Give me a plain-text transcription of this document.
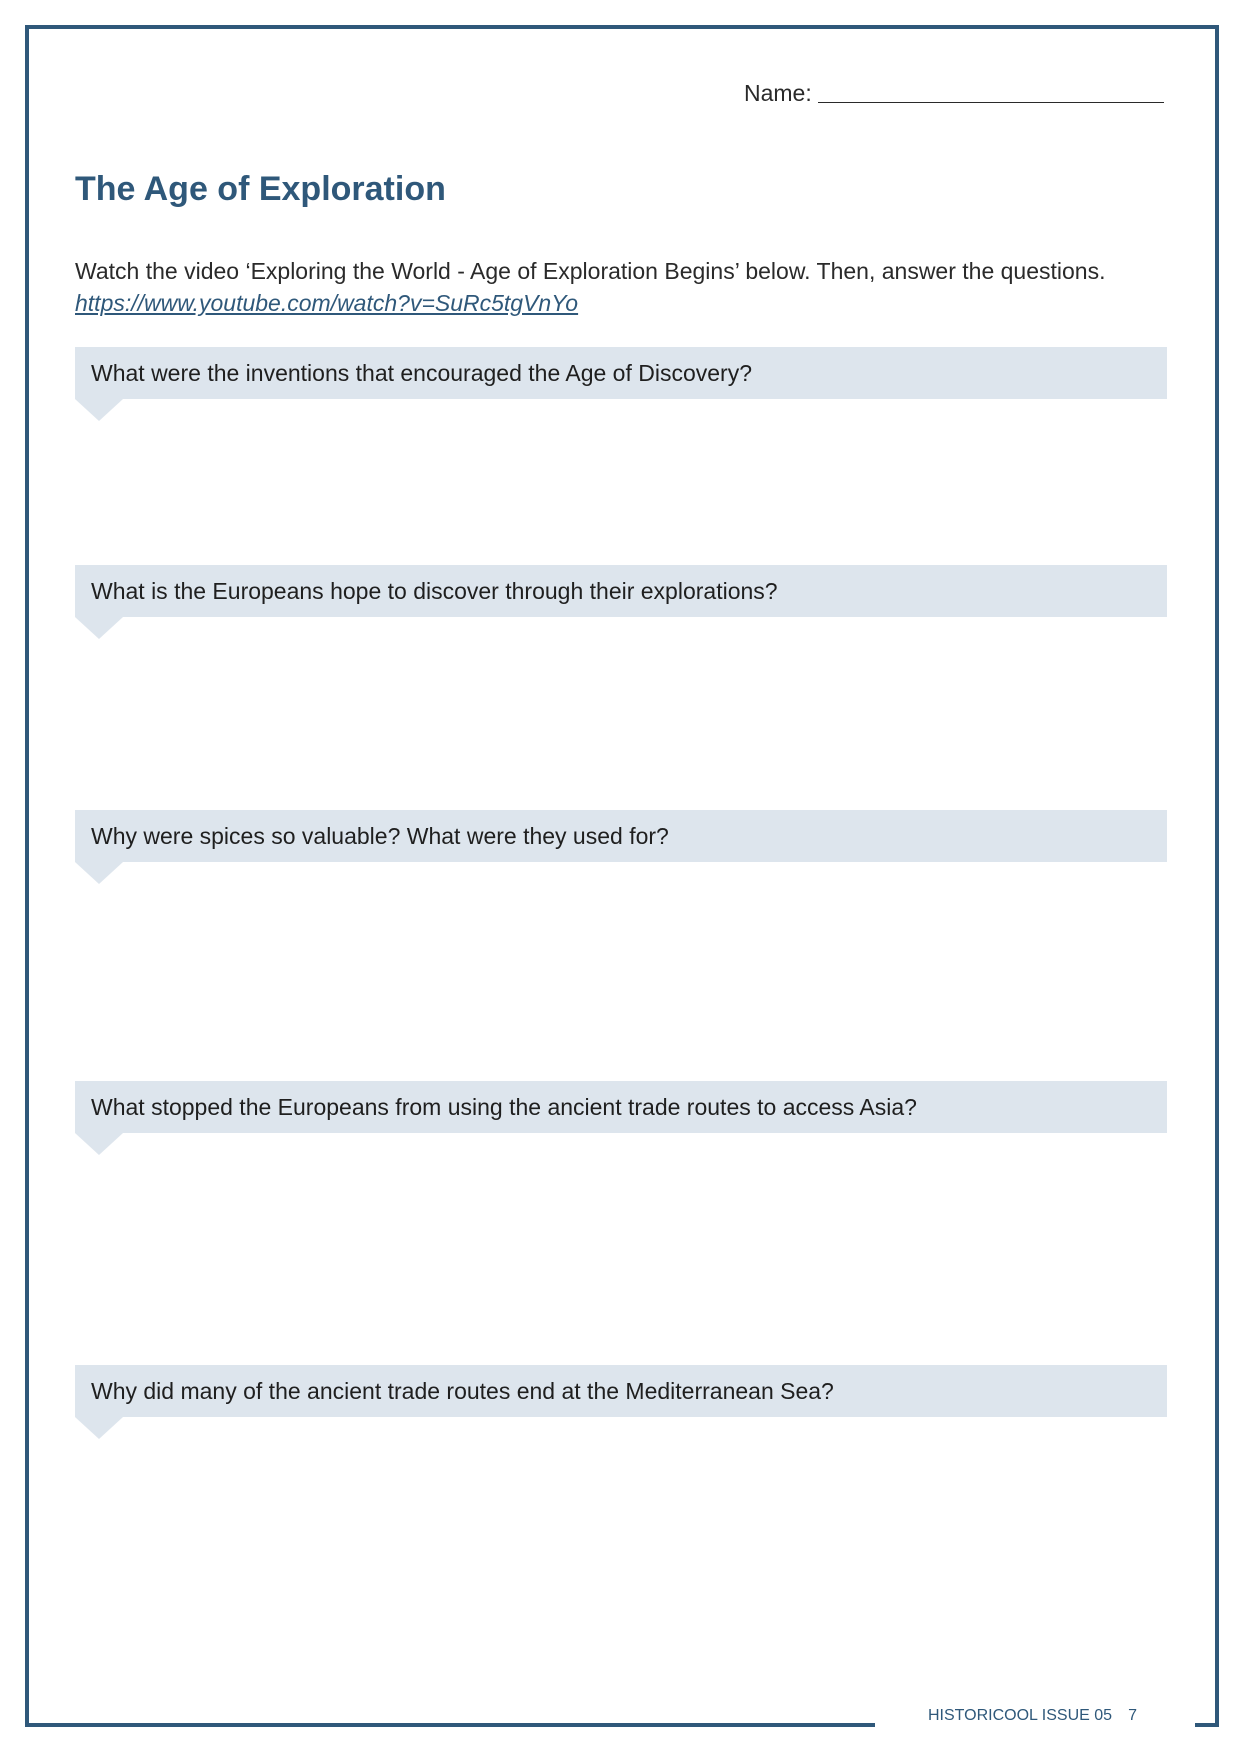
Name:
The Age of Exploration
Watch the video ‘Exploring the World - Age of Exploration Begins’ below. Then, answer the questions.
https://www.youtube.com/watch?v=SuRc5tgVnYo
What were the inventions that encouraged the Age of Discovery?
What is the Europeans hope to discover through their explorations?
Why were spices so valuable? What were they used for?
What stopped the Europeans from using the ancient trade routes to access Asia?
Why did many of the ancient trade routes end at the Mediterranean Sea?
HISTORICOOL ISSUE 05 7
